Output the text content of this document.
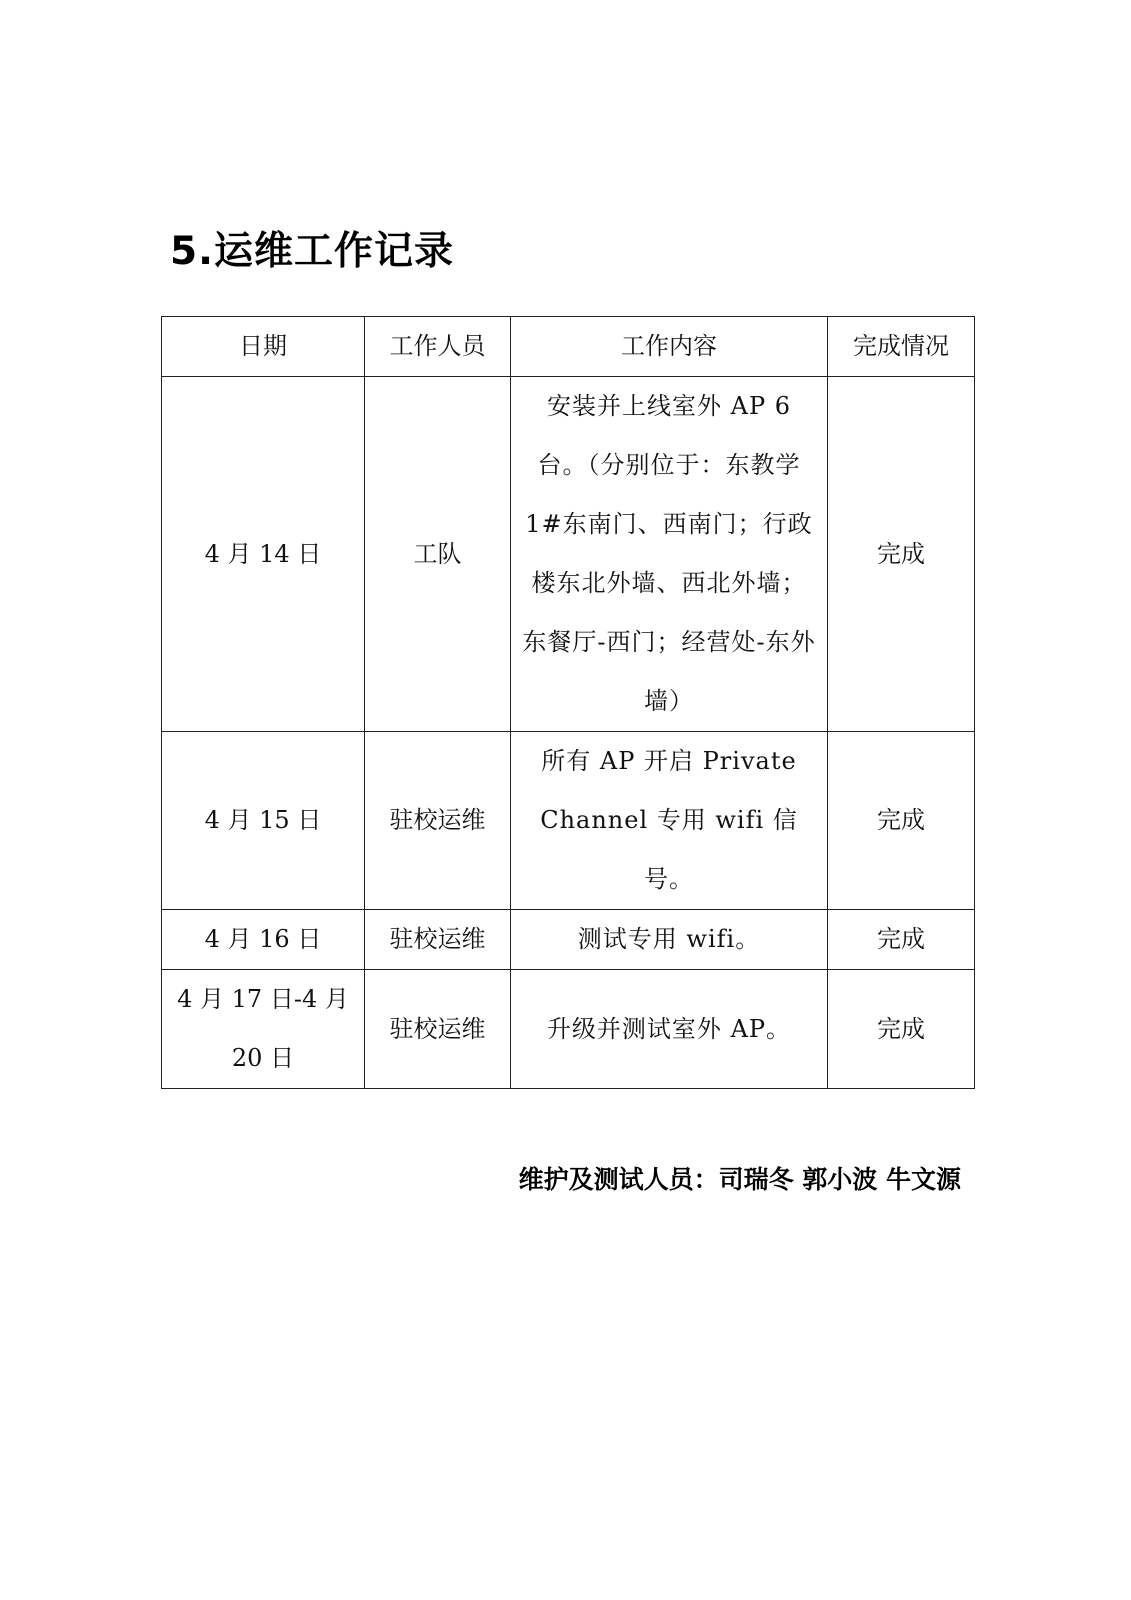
5.运维工作记录
日期	工作人员	工作内容	完成情况
4 月 14 日	工队	安装并上线室外 AP 6 台。（分别位于：东教学 1#东南门、西南门；行政楼东北外墙、西北外墙；东餐厅-西门；经营处-东外墙）	完成
4 月 15 日	驻校运维	所有 AP 开启 Private Channel 专用 wifi 信号。	完成
4 月 16 日	驻校运维	测试专用 wifi。	完成
4 月 17 日-4 月 20 日	驻校运维	升级并测试室外 AP。	完成

维护及测试人员：司瑞冬 郭小波 牛文源
